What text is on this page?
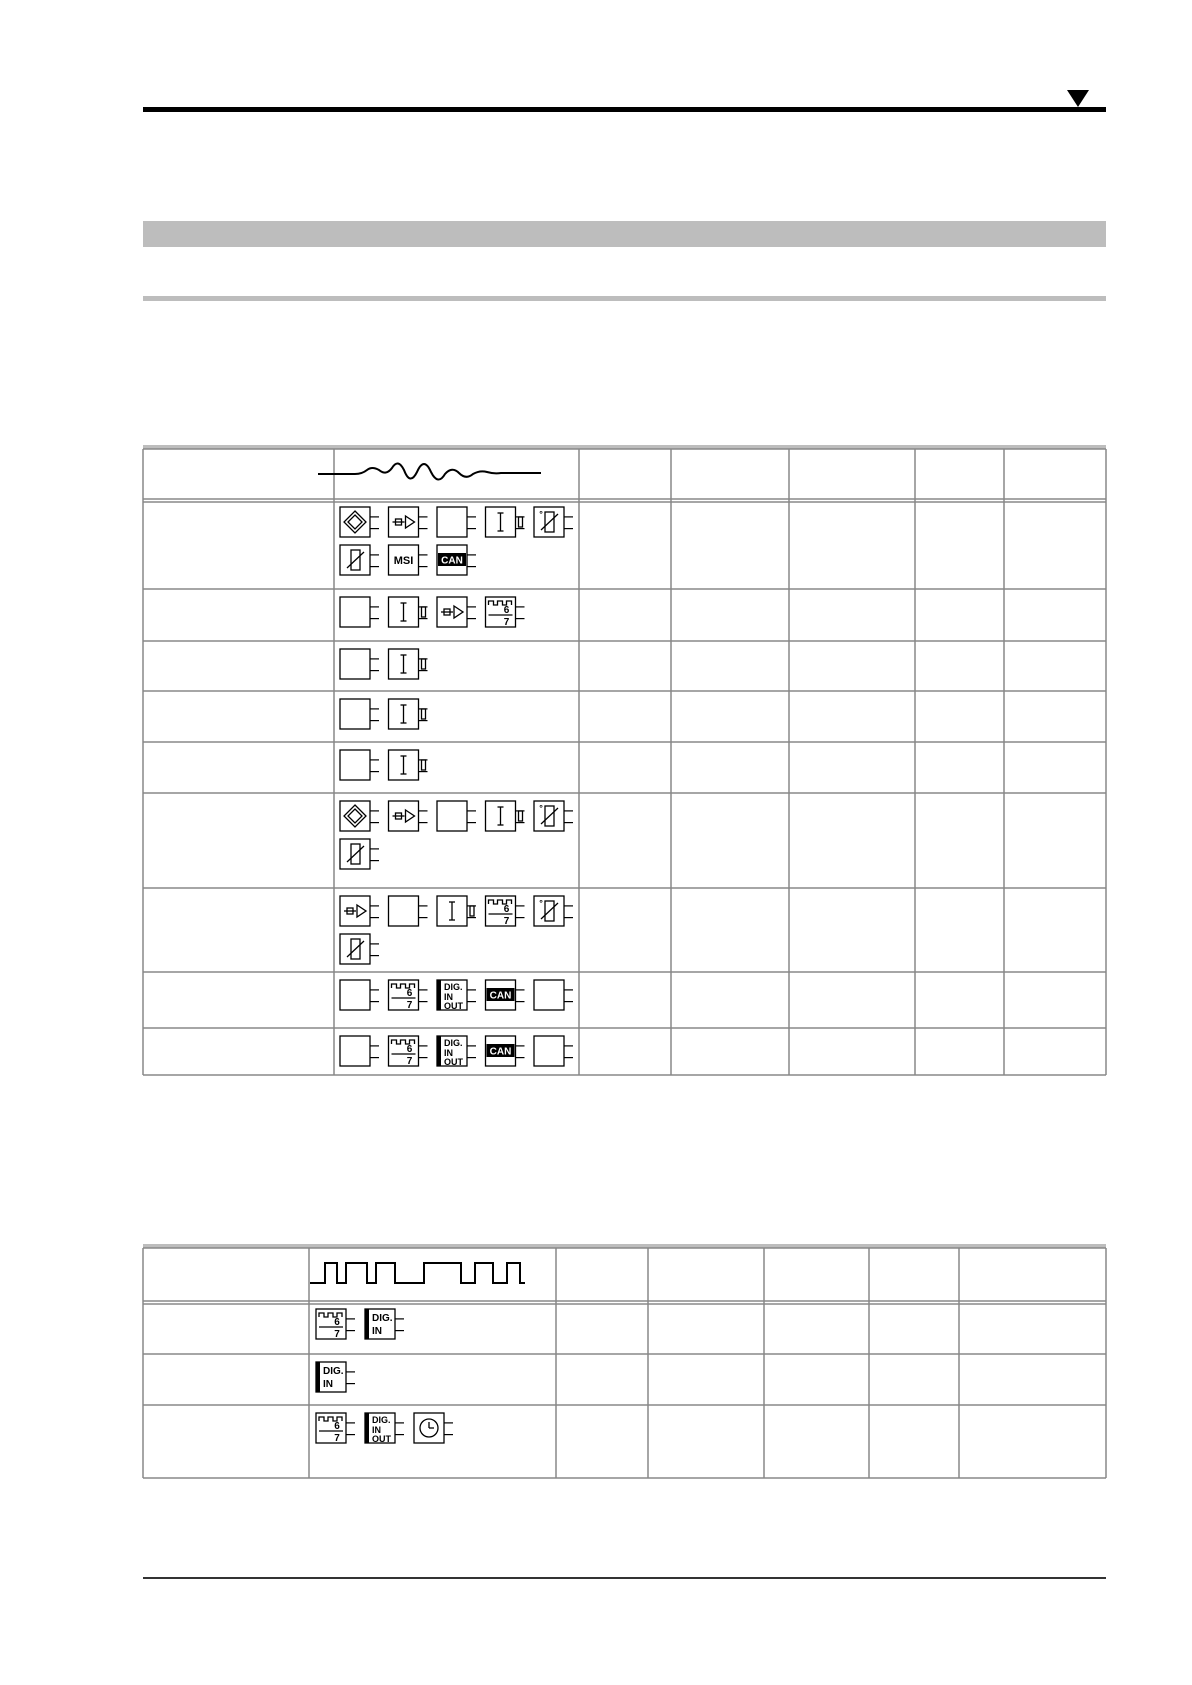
°
MSI	CAN
6
7
°
6
7
°
6
7
DIG.
IN
OUT
CAN
6
7
DIG.
IN
OUT
CAN
6
7
DIG.
IN
DIG.
IN
6
7
DIG.
IN
OUT
